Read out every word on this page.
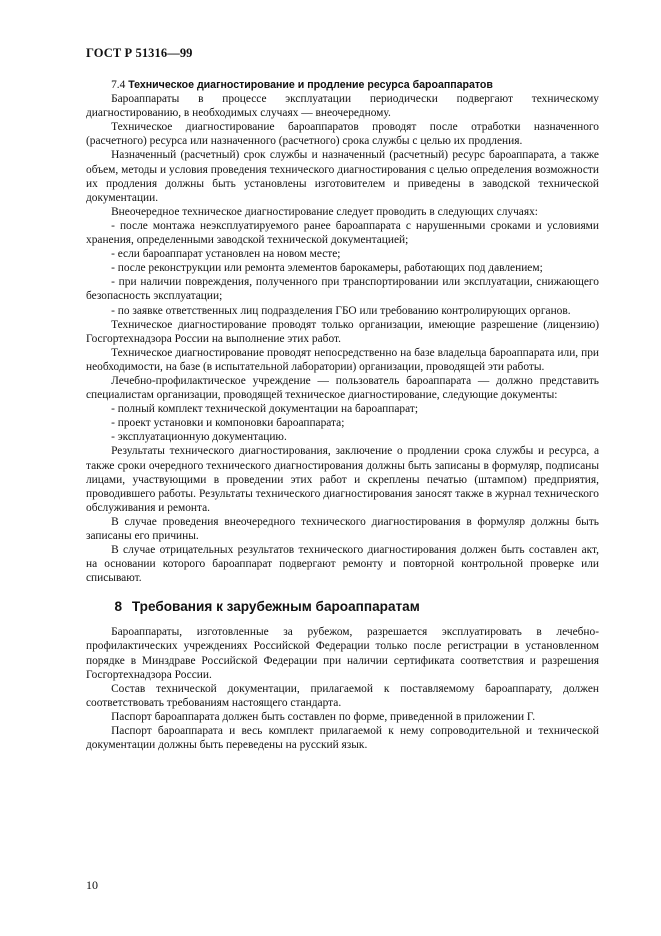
ГОСТ Р 51316—99

7.4 Техническое диагностирование и продление ресурса бароаппаратов

Бароаппараты в процессе эксплуатации периодически подвергают техническому диагностированию, в необходимых случаях — внеочередному.

Техническое диагностирование бароаппаратов проводят после отработки назначенного (расчетного) ресурса или назначенного (расчетного) срока службы с целью их продления.

Назначенный (расчетный) срок службы и назначенный (расчетный) ресурс бароаппарата, а также объем, методы и условия проведения технического диагностирования с целью определения возможности их продления должны быть установлены изготовителем и приведены в заводской технической документации.

Внеочередное техническое диагностирование следует проводить в следующих случаях:

- после монтажа неэксплуатируемого ранее бароаппарата с нарушенными сроками и условиями хранения, определенными заводской технической документацией;

- если бароаппарат установлен на новом месте;

- после реконструкции или ремонта элементов барокамеры, работающих под давлением;

- при наличии повреждения, полученного при транспортировании или эксплуатации, снижающего безопасность эксплуатации;

- по заявке ответственных лиц подразделения ГБО или требованию контролирующих органов.

Техническое диагностирование проводят только организации, имеющие разрешение (лицензию) Госгортехнадзора России на выполнение этих работ.

Техническое диагностирование проводят непосредственно на базе владельца бароаппарата или, при необходимости, на базе (в испытательной лаборатории) организации, проводящей эти работы.

Лечебно-профилактическое учреждение — пользователь бароаппарата — должно представить специалистам организации, проводящей техническое диагностирование, следующие документы:

- полный комплект технической документации на бароаппарат;

- проект установки и компоновки бароаппарата;

- эксплуатационную документацию.

Результаты технического диагностирования, заключение о продлении срока службы и ресурса, а также сроки очередного технического диагностирования должны быть записаны в формуляр, подписаны лицами, участвующими в проведении этих работ и скреплены печатью (штампом) предприятия, проводившего работы. Результаты технического диагностирования заносят также в журнал технического обслуживания и ремонта.

В случае проведения внеочередного технического диагностирования в формуляр должны быть записаны его причины.

В случае отрицательных результатов технического диагностирования должен быть составлен акт, на основании которого бароаппарат подвергают ремонту и повторной контрольной проверке или списывают.

8 Требования к зарубежным бароаппаратам

Бароаппараты, изготовленные за рубежом, разрешается эксплуатировать в лечебно-профилактических учреждениях Российской Федерации только после регистрации в установленном порядке в Минздраве Российской Федерации при наличии сертификата соответствия и разрешения Госгортехнадзора России.

Состав технической документации, прилагаемой к поставляемому бароаппарату, должен соответствовать требованиям настоящего стандарта.

Паспорт бароаппарата должен быть составлен по форме, приведенной в приложении Г.

Паспорт бароаппарата и весь комплект прилагаемой к нему сопроводительной и технической документации должны быть переведены на русский язык.

10
